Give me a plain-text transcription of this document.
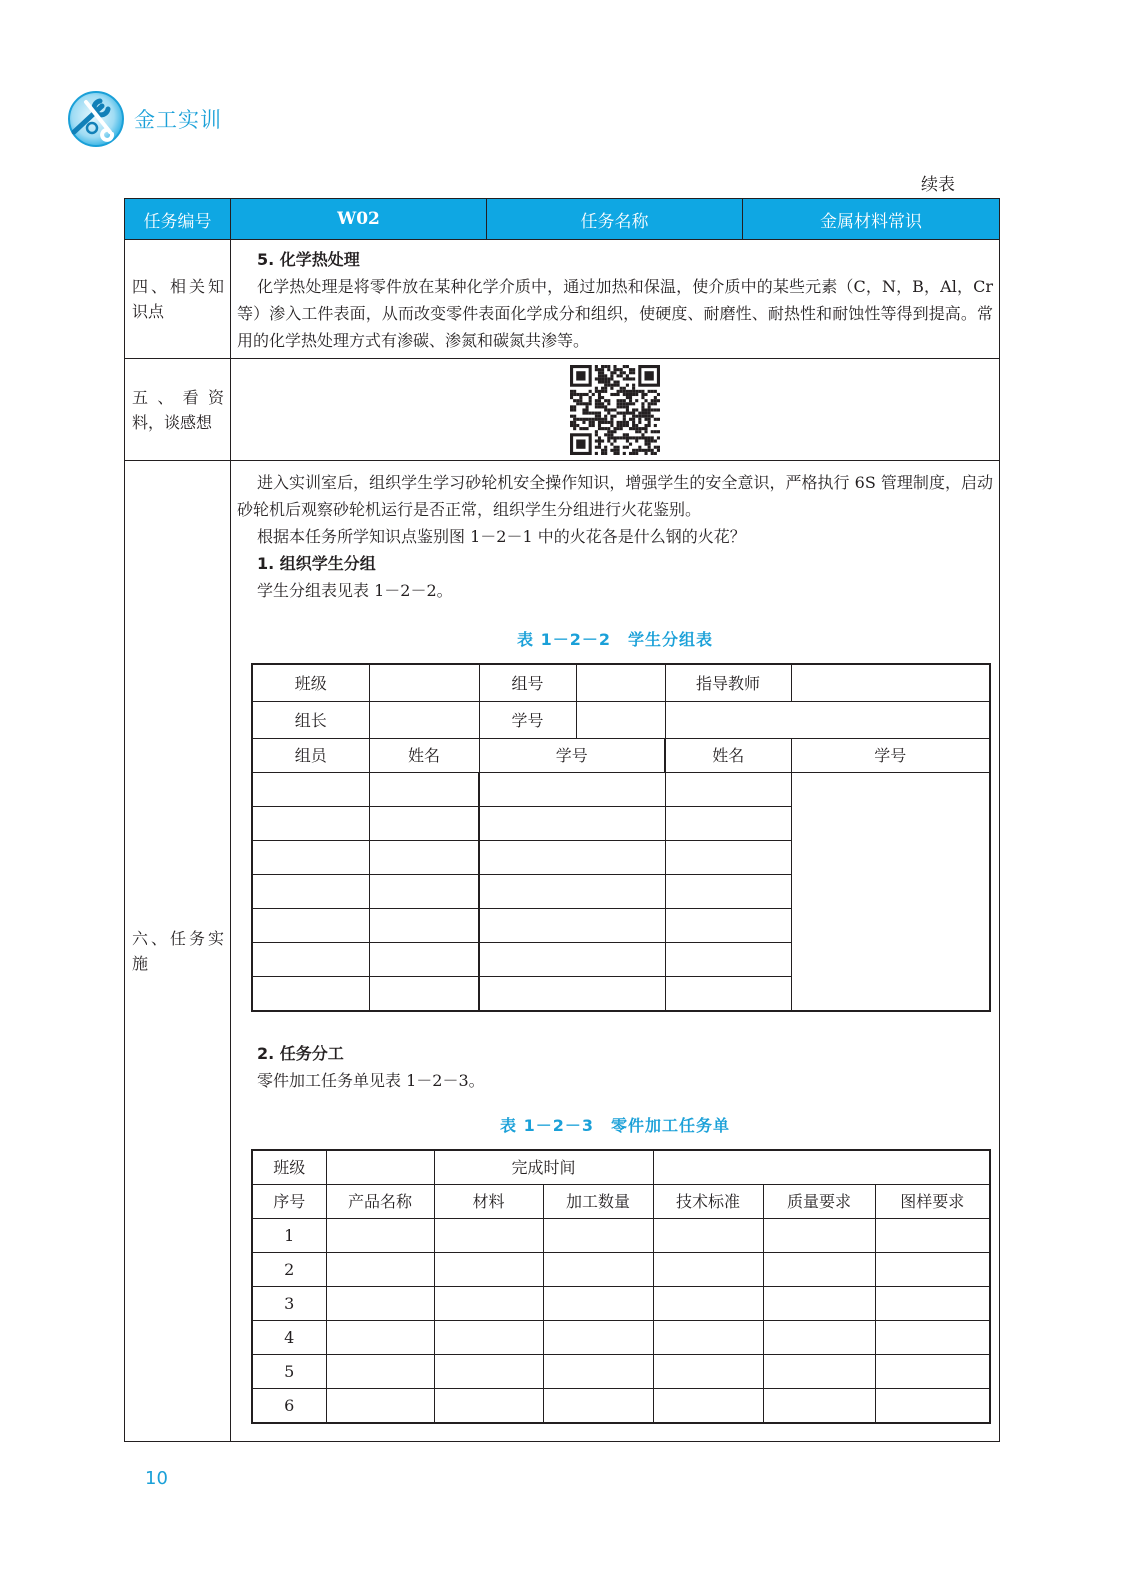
金工实训
续表
任务编号	W02	任务名称	金属材料常识

四、相关知识点

5. 化学热处理

化学热处理是将零件放在某种化学介质中，通过加热和保温，使介质中的某些元素（C，N，B，Al，Cr 等）渗入工件表面，从而改变零件表面化学成分和组织，使硬度、耐磨性、耐热性和耐蚀性等得到提高。常用的化学热处理方式有渗碳、渗氮和碳氮共渗等。

五、看资料，谈感想

六、任务实施

进入实训室后，组织学生学习砂轮机安全操作知识，增强学生的安全意识，严格执行 6S 管理制度，启动砂轮机后观察砂轮机运行是否正常，组织学生分组进行火花鉴别。

根据本任务所学知识点鉴别图 1－2－1 中的火花各是什么钢的火花？

1. 组织学生分组

学生分组表见表 1－2－2。

表 1－2－2　学生分组表
班级		组号	指导教师	
组长		学号

组员	姓名	学号	姓名	学号

2. 任务分工

零件加工任务单见表 1－2－3。

表 1－2－3　零件加工任务单
班级		完成时间	
序号	产品名称	材料	加工数量	技术标准	质量要求	图样要求
1						
2						
3						
4						
5						
6						
10
